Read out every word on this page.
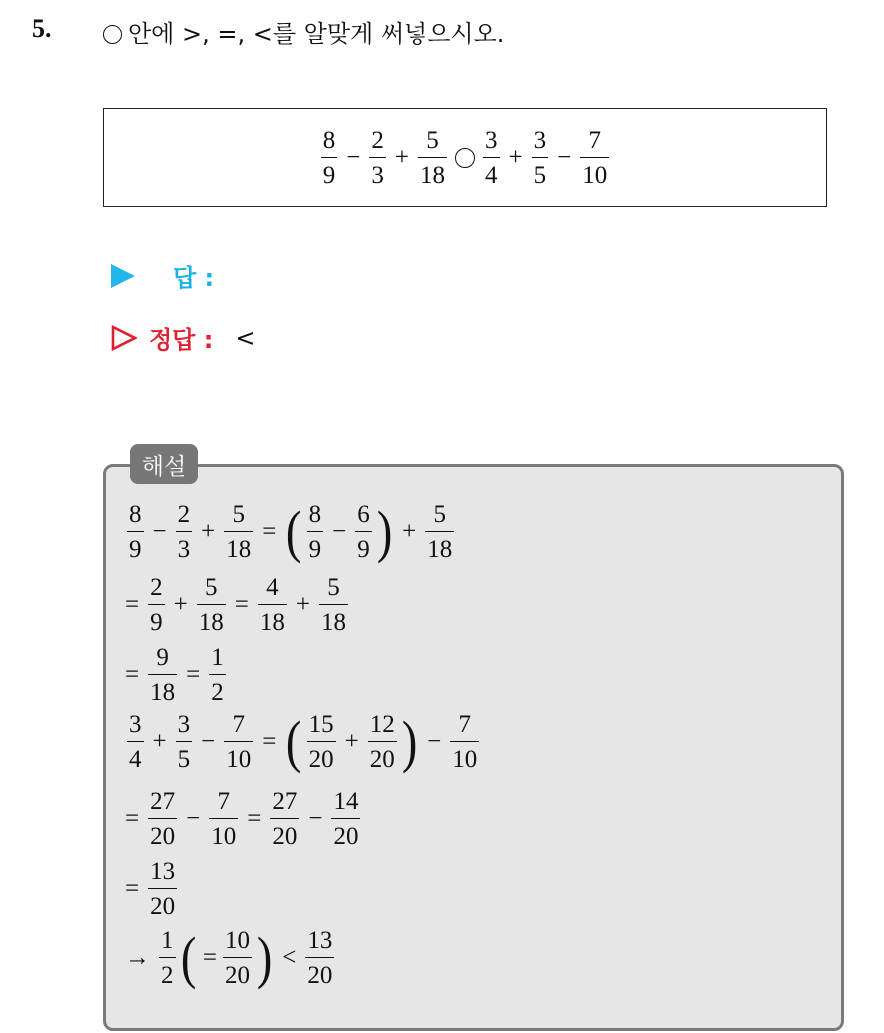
5.	안에 >, =, <를 알맞게 써넣으시오.
$\frac{8}{9} - \frac{2}{3} + \frac{5}{18} \frac{3}{4} + \frac{3}{5} - \frac{7}{10}$
답 :
정답 : <
해설
$\frac{8}{9} - \frac{2}{3} + \frac{5}{18}$ = ( $\frac{8}{9} - \frac{6}{9}$ ) + $\frac{5}{18}$
= $\frac{2}{9} + \frac{5}{18} = \frac{4}{18} + \frac{5}{18}$
= $\frac{9}{18} = \frac{1}{2}$
$\frac{3}{4} + \frac{3}{5} - \frac{7}{10}$ = ( $\frac{15}{20} + \frac{12}{20}$ ) − $\frac{7}{10}$
= $\frac{27}{20} - \frac{7}{10} = \frac{27}{20} - \frac{14}{20}$
= $\frac{13}{20}$
→ $\frac{1}{2}$ ( = $\frac{10}{20}$ ) < $\frac{13}{20}$
